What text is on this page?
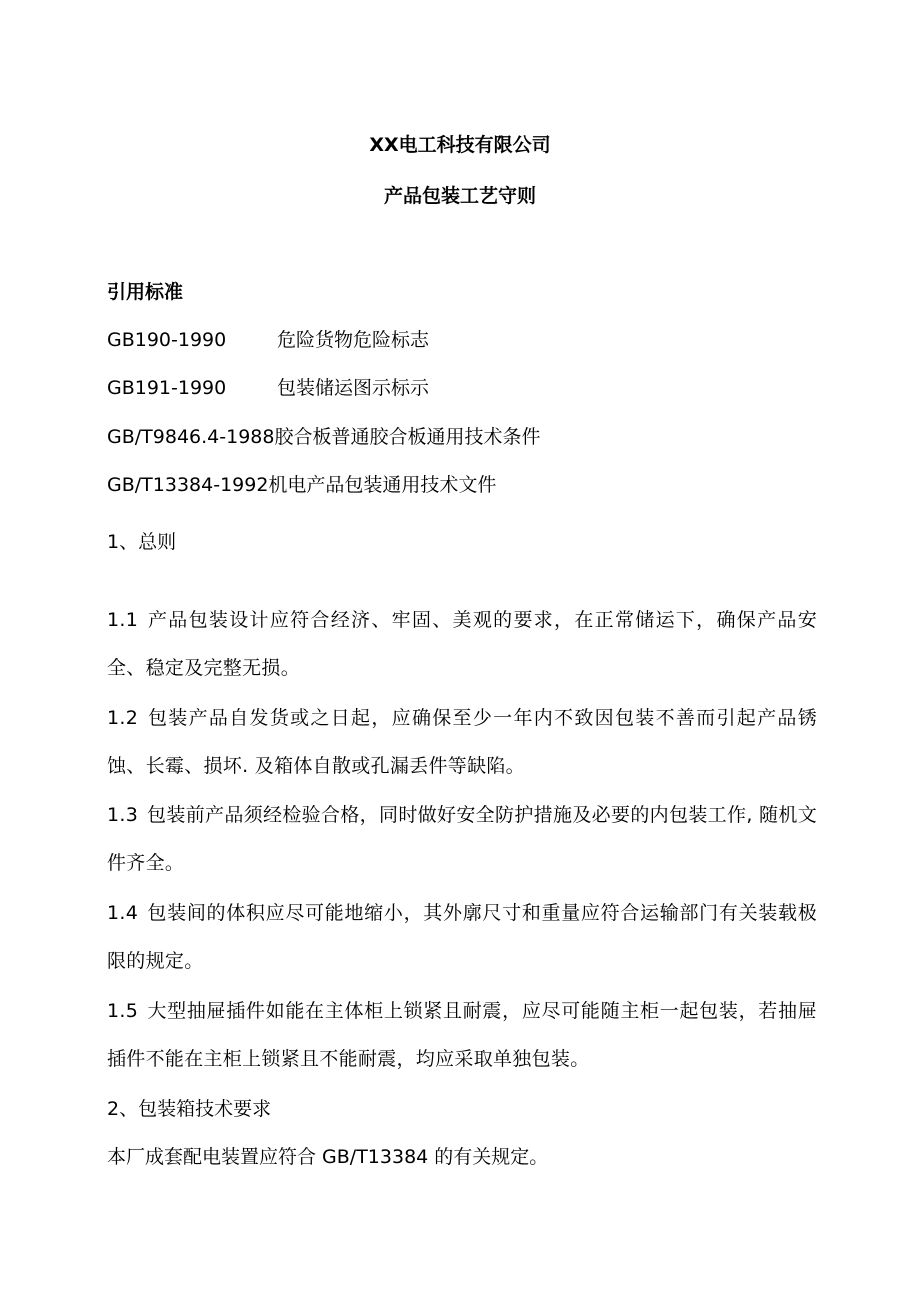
XX电工科技有限公司
产品包装工艺守则
引用标准
GB190-1990	危险货物危险标志
GB191-1990	包装储运图示标示
GB/T9846.4-1988胶合板普通胶合板通用技术条件
GB/T13384-1992机电产品包装通用技术文件
1、总则
1.1 产品包装设计应符合经济、牢固、美观的要求，在正常储运下，确保产品安全、稳定及完整无损。
1.2 包装产品自发货或之日起，应确保至少一年内不致因包装不善而引起产品锈蚀、长霉、损坏. 及箱体自散或孔漏丢件等缺陷。
1.3 包装前产品须经检验合格，同时做好安全防护措施及必要的内包装工作, 随机文件齐全。
1.4 包装间的体积应尽可能地缩小，其外廓尺寸和重量应符合运输部门有关装载极限的规定。
1.5 大型抽屉插件如能在主体柜上锁紧且耐震，应尽可能随主柜一起包装，若抽屉插件不能在主柜上锁紧且不能耐震，均应采取单独包装。
2、包装箱技术要求
本厂成套配电装置应符合 GB/T13384 的有关规定。
